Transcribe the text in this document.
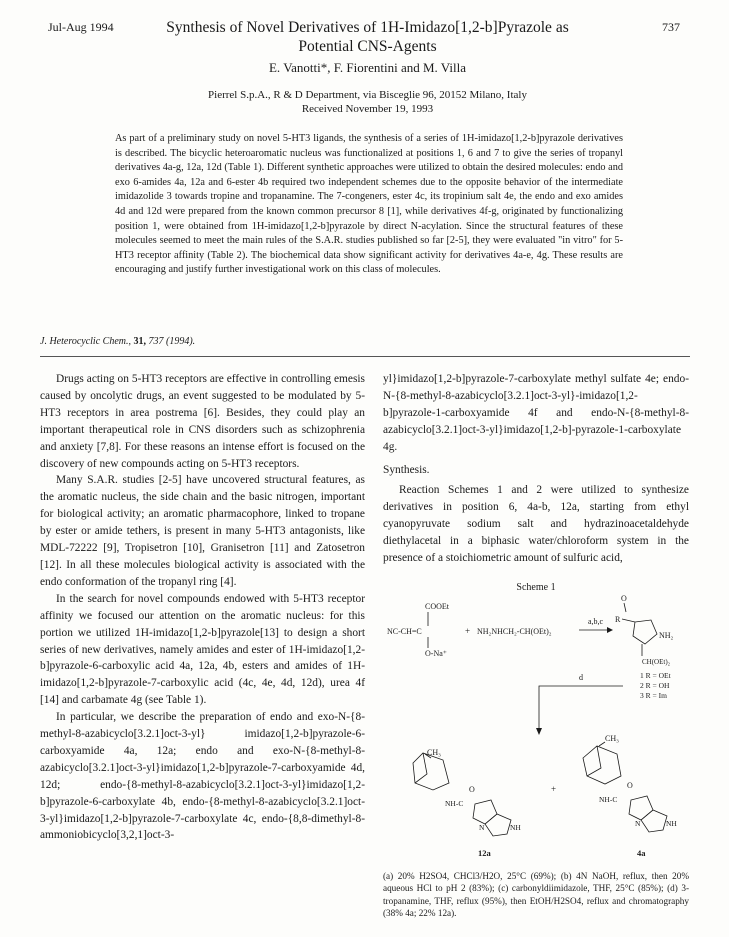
Jul-Aug 1994	737
Synthesis of Novel Derivatives of 1H-Imidazo[1,2-b]Pyrazole as
Potential CNS-Agents
E. Vanotti*, F. Fiorentini and M. Villa
Pierrel S.p.A., R & D Department, via Bisceglie 96, 20152 Milano, Italy
Received November 19, 1993
As part of a preliminary study on novel 5-HT3 ligands, the synthesis of a series of 1H-imidazo[1,2-b]pyrazole derivatives is described. The bicyclic heteroaromatic nucleus was functionalized at positions 1, 6 and 7 to give the series of tropanyl derivatives 4a-g, 12a, 12d (Table 1). Different synthetic approaches were utilized to obtain the desired molecules: endo and exo 6-amides 4a, 12a and 6-ester 4b required two independent schemes due to the opposite behavior of the intermediate imidazolide 3 towards tropine and tropanamine. The 7-congeners, ester 4c, its tropinium salt 4e, the endo and exo amides 4d and 12d were prepared from the known common precursor 8 [1], while derivatives 4f-g, originated by functionalizing position 1, were obtained from 1H-imidazo[1,2-b]pyrazole by direct N-acylation. Since the structural features of these molecules seemed to meet the main rules of the S.A.R. studies published so far [2-5], they were evaluated "in vitro" for 5-HT3 receptor affinity (Table 2). The biochemical data show significant activity for derivatives 4a-e, 4g. These results are encouraging and justify further investigational work on this class of molecules.
J. Heterocyclic Chem., 31, 737 (1994).

Drugs acting on 5-HT3 receptors are effective in controlling emesis caused by oncolytic drugs, an event suggested to be modulated by 5-HT3 receptors in area postrema [6]. Besides, they could play an important therapeutical role in CNS disorders such as schizophrenia and anxiety [7,8]. For these reasons an intense effort is focused on the discovery of new compounds acting on 5-HT3 receptors.

Many S.A.R. studies [2-5] have uncovered structural features, as the aromatic nucleus, the side chain and the basic nitrogen, important for biological activity; an aromatic pharmacophore, linked to tropane by ester or amide tethers, is present in many 5-HT3 antagonists, like MDL-72222 [9], Tropisetron [10], Granisetron [11] and Zatosetron [12]. In all these molecules biological activity is associated with the endo conformation of the tropanyl ring [4].

In the search for novel compounds endowed with 5-HT3 receptor affinity we focused our attention on the aromatic nucleus: for this portion we utilized 1H-imidazo[1,2-b]pyrazole[13] to design a short series of new derivatives, namely amides and ester of 1H-imidazo[1,2-b]pyrazole-6-carboxylic acid 4a, 12a, 4b, esters and amides of 1H-imidazo[1,2-b]pyrazole-7-carboxylic acid (4c, 4e, 4d, 12d), urea 4f [14] and carbamate 4g (see Table 1).

In particular, we describe the preparation of endo and exo-N-{8-methyl-8-azabicyclo[3.2.1]oct-3-yl} imidazo[1,2-b]pyrazole-6-carboxyamide 4a, 12a; endo and exo-N-{8-methyl-8-azabicyclo[3.2.1]oct-3-yl}imidazo[1,2-b]pyrazole-7-carboxyamide 4d, 12d; endo-{8-methyl-8-azabicyclo[3.2.1]oct-3-yl}imidazo[1,2-b]pyrazole-6-carboxylate 4b, endo-{8-methyl-8-azabicyclo[3.2.1]oct-3-yl}imidazo[1,2-b]pyrazole-7-carboxylate 4c, endo-{8,8-dimethyl-8-ammoniobicyclo[3,2,1]oct-3-

yl}imidazo[1,2-b]pyrazole-7-carboxylate methyl sulfate 4e; endo-N-{8-methyl-8-azabicyclo[3.2.1]oct-3-yl}-imidazo[1,2-b]pyrazole-1-carboxyamide 4f and endo-N-{8-methyl-8-azabicyclo[3.2.1]oct-3-yl}imidazo[1,2-b]-pyrazole-1-carboxylate 4g.

Synthesis.

Reaction Schemes 1 and 2 were utilized to synthesize derivatives in position 6, 4a-b, 12a, starting from ethyl cyanopyruvate sodium salt and hydrazinoacetaldehyde diethylacetal in a biphasic water/chloroform system in the presence of a stoichiometric amount of sulfuric acid,

Scheme 1
COOEt
NC-CH=C
O-Na⁺
+ NH₂NHCH₂-CH(OEt)₂
a,b,c
O
R
NH₂
CH(OEt)₂
1 R = OEt
2 R = OH
3 R = Im
d
CH₃
NH-C
O
NH
N
12a
+
CH₃
NH-C
O
NH
N
4a
(a) 20% H2SO4, CHCl3/H2O, 25°C (69%); (b) 4N NaOH, reflux, then 20% aqueous HCl to pH 2 (83%); (c) carbonyldiimidazole, THF, 25°C (85%); (d) 3-tropanamine, THF, reflux (95%), then EtOH/H2SO4, reflux and chromatography (38% 4a; 22% 12a).
